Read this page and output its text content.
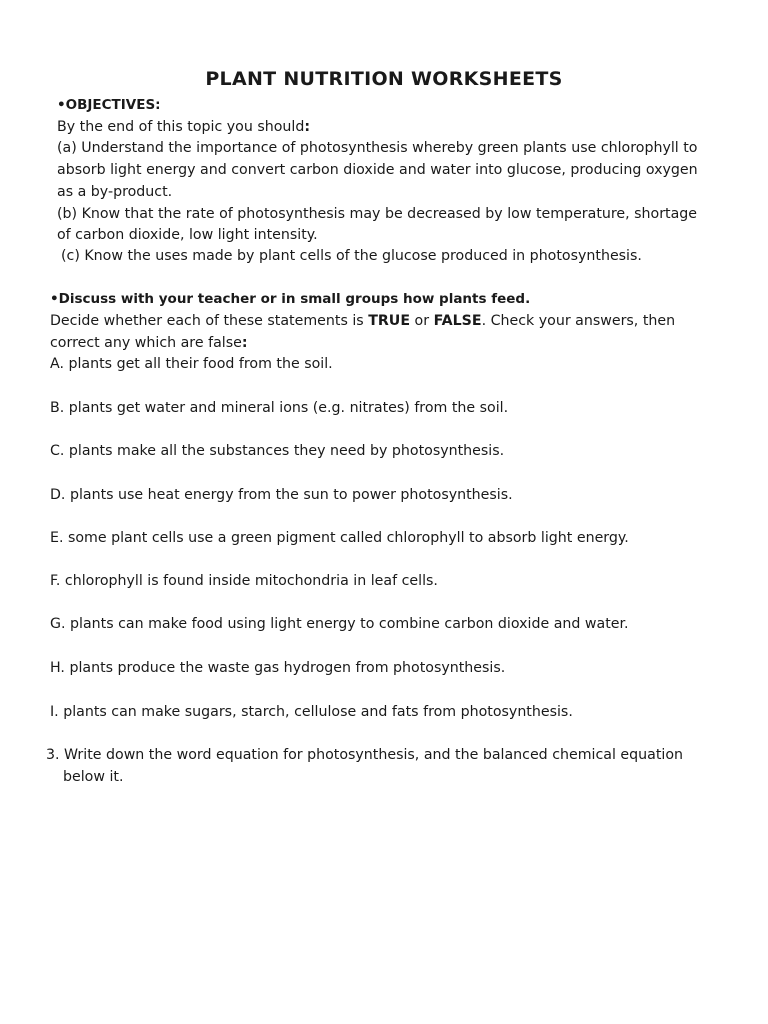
PLANT NUTRITION WORKSHEETS
•OBJECTIVES:
By the end of this topic you should:
(a) Understand the importance of photosynthesis whereby green plants use chlorophyll to
absorb light energy and convert carbon dioxide and water into glucose, producing oxygen
as a by-product.
(b) Know that the rate of photosynthesis may be decreased by low temperature, shortage
of carbon dioxide, low light intensity.
(c) Know the uses made by plant cells of the glucose produced in photosynthesis.
•Discuss with your teacher or in small groups how plants feed.
Decide whether each of these statements is TRUE or FALSE. Check your answers, then
correct any which are false:
A. plants get all their food from the soil.
B. plants get water and mineral ions (e.g. nitrates) from the soil.
C. plants make all the substances they need by photosynthesis.
D. plants use heat energy from the sun to power photosynthesis.
E. some plant cells use a green pigment called chlorophyll to absorb light energy.
F. chlorophyll is found inside mitochondria in leaf cells.
G. plants can make food using light energy to combine carbon dioxide and water.
H. plants produce the waste gas hydrogen from photosynthesis.
I. plants can make sugars, starch, cellulose and fats from photosynthesis.
3. Write down the word equation for photosynthesis, and the balanced chemical equation
below it.
